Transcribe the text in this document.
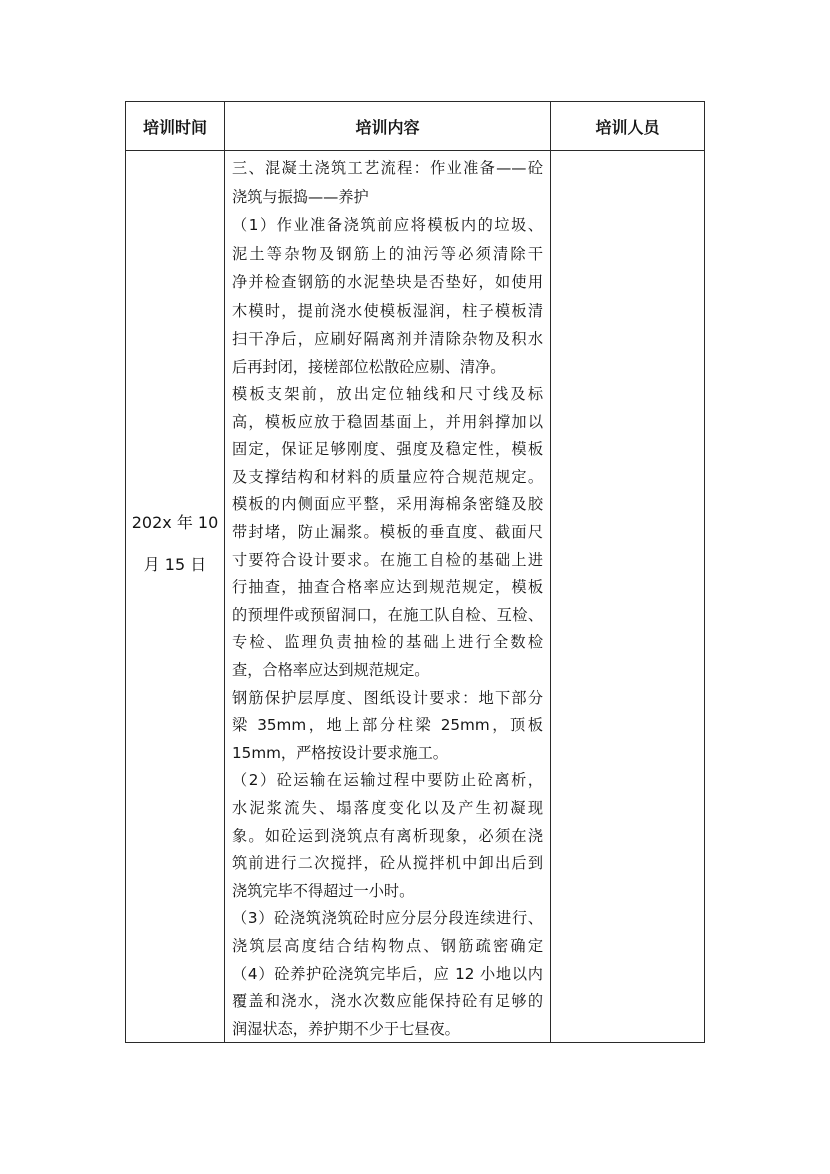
培训时间	培训内容	培训人员
202x 年 10
月 15 日
三、混凝土浇筑工艺流程：作业准备——砼
浇筑与振捣——养护
（1）作业准备浇筑前应将模板内的垃圾、
泥土等杂物及钢筋上的油污等必须清除干
净并检查钢筋的水泥垫块是否垫好，如使用
木模时，提前浇水使模板湿润，柱子模板清
扫干净后，应刷好隔离剂并清除杂物及积水
后再封闭，接槎部位松散砼应剔、清净。
模板支架前，放出定位轴线和尺寸线及标
高，模板应放于稳固基面上，并用斜撑加以
固定，保证足够刚度、强度及稳定性，模板
及支撑结构和材料的质量应符合规范规定。
模板的内侧面应平整，采用海棉条密缝及胶
带封堵，防止漏浆。模板的垂直度、截面尺
寸要符合设计要求。在施工自检的基础上进
行抽查，抽查合格率应达到规范规定，模板
的预埋件或预留洞口，在施工队自检、互检、
专检、监理负责抽检的基础上进行全数检
查，合格率应达到规范规定。
钢筋保护层厚度、图纸设计要求：地下部分
梁 35mm，地上部分柱梁 25mm，顶板
15mm，严格按设计要求施工。
（2）砼运输在运输过程中要防止砼离析，
水泥浆流失、塌落度变化以及产生初凝现
象。如砼运到浇筑点有离析现象，必须在浇
筑前进行二次搅拌，砼从搅拌机中卸出后到
浇筑完毕不得超过一小时。
（3）砼浇筑浇筑砼时应分层分段连续进行、
浇筑层高度结合结构物点、钢筋疏密确定
（4）砼养护砼浇筑完毕后，应 12 小地以内
覆盖和浇水，浇水次数应能保持砼有足够的
润湿状态，养护期不少于七昼夜。
